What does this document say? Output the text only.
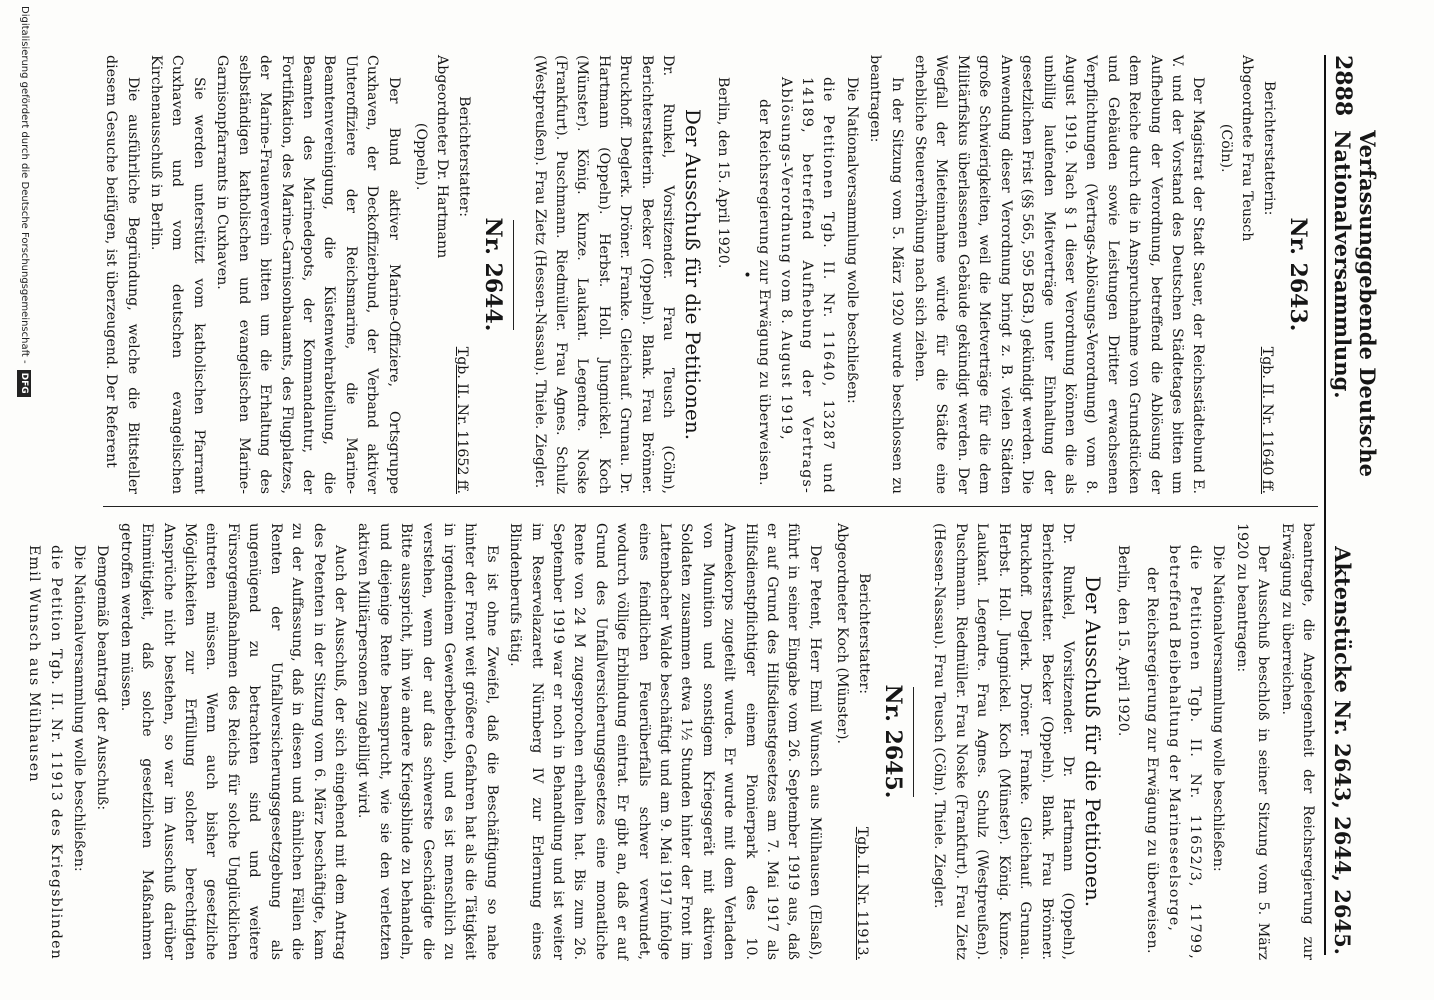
2888
Verfassunggebende Deutsche Nationalversammlung.
Aktenstücke Nr. 2643, 2644, 2645.
Nr. 2643.
Berichterstatterin:
Abgeordnete Frau Teusch
(Cöln).
Tgb. II. Nr. 11640 ff.

Der Magistrat der Stadt Sauer, der Reichsstädtebund E. V. und der Vorstand des Deutschen Städtetages bitten um Aufhebung der Verordnung, betreffend die Ablösung der dem Reiche durch die in Anspruchnahme von Grundstücken und Gebäuden sowie Leistungen Dritter erwachsenen Verpflichtungen (Vertrags-Ablösungs-Verordnung) vom 8. August 1919. Nach § 1 dieser Verordnung können die als unbillig laufenden Mietverträge unter Einhaltung der gesetzlichen Frist (§§ 565, 595 BGB.) gekündigt werden. Die Anwendung dieser Verordnung bringt z. B. vielen Städten große Schwierigkeiten, weil die Mietverträge für die dem Militärfiskus überlassenen Gebäude gekündigt werden. Der Wegfall der Mieteinnahme würde für die Städte eine erhebliche Steuererhöhung nach sich ziehen.

In der Sitzung vom 5. März 1920 wurde beschlossen zu beantragen:

Die Nationalversammlung wolle beschließen:

die Petitionen Tgb. II. Nr. 11640, 13287 und 14189, betreffend Aufhebung der Vertrags-Ablösungs-Verordnung vom 8. August 1919,
der Reichsregierung zur Erwägung zu überweisen.
•

Berlin, den 15. April 1920.

Der Ausschuß für die Petitionen.

Dr. Runkel, Vorsitzender. Frau Teusch (Cöln), Berichterstatterin. Becker (Oppeln). Blank. Frau Brönner. Bruckhoff. Deglerk. Dröner. Franke. Gleichauf. Grunau. Dr. Hartmann (Oppeln). Herbst. Holl. Jungnickel. Koch (Münster). König. Kunze. Laukant. Legendre. Noske (Frankfurt). Puschmann. Riedmüller. Frau Agnes. Schulz (Westpreußen). Frau Zietz (Hessen-Nassau). Thiele. Ziegler.

Nr. 2644.
Berichterstatter:
Abgeordneter Dr. Hartmann
(Oppeln).
Tgb. II. Nr. 11652 ff.

Der Bund aktiver Marine-Offiziere, Ortsgruppe Cuxhaven, der Deckoffizierbund, der Verband aktiver Unteroffiziere der Reichsmarine, die Marine-Beamtenvereinigung, die Küstenwehrabteilung, die Beamten des Marinedepots, der Kommandantur, der Fortifikation, des Marine-Garnisonbauamts, des Flugplatzes, der Marine-Frauenverein bitten um die Erhaltung des selbständigen katholischen und evangelischen Marine-Garnisonpfarramts in Cuxhaven.

Sie werden unterstützt vom katholischen Pfarramt Cuxhaven und vom deutschen evangelischen Kirchenausschuß in Berlin.

Die ausführliche Begründung, welche die Bittsteller diesem Gesuche beifügen, ist überzeugend. Der Referent

beantragte, die Angelegenheit der Reichsregierung zur Erwägung zu überreichen.

Der Ausschuß beschloß in seiner Sitzung vom 5. März 1920 zu beantragen:

Die Nationalversammlung wolle beschließen:

die Petitionen Tgb. II. Nr. 11652/3, 11799, betreffend Beibehaltung der Marineseelsorge,
der Reichsregierung zur Erwägung zu überweisen.

Berlin, den 15. April 1920.

Der Ausschuß für die Petitionen.

Dr. Runkel, Vorsitzender. Dr. Hartmann (Oppeln), Berichterstatter. Becker (Oppeln). Blank. Frau Brönner. Bruckhoff. Deglerk. Dröner. Franke. Gleichauf. Grunau. Herbst. Holl. Jungnickel. Koch (Münster). König. Kunze. Laukant. Legendre. Frau Agnes. Schulz (Westpreußen). Puschmann. Riedmüller. Frau Noske (Frankfurt). Frau Zietz (Hessen-Nassau). Frau Teusch (Cöln). Thiele. Ziegler.

Nr. 2645.
Berichterstatter:
Abgeordneter Koch (Münster).
Tgb. II. Nr. 11913.

Der Petent, Herr Emil Wunsch aus Mülhausen (Elsaß), führt in seiner Eingabe vom 26. September 1919 aus, daß er auf Grund des Hilfsdienstgesetzes am 7. Mai 1917 als Hilfsdienstpflichtiger einem Pionierpark des 10. Armeekorps zugeteilt wurde. Er wurde mit dem Verladen von Munition und sonstigem Kriegsgerät mit aktiven Soldaten zusammen etwa 1½ Stunden hinter der Front im Lattenbacher Walde beschäftigt und am 9. Mai 1917 infolge eines feindlichen Feuerüberfalls schwer verwundet, wodurch völlige Erblindung eintrat. Er gibt an, daß er auf Grund des Unfallversicherungsgesetzes eine monatliche Rente von 24 M zugesprochen erhalten hat. Bis zum 26. September 1919 war er noch in Behandlung und ist weiter im Reservelazarett Nürnberg IV zur Erlernung eines Blindenberufs tätig.

Es ist ohne Zweifel, daß die Beschäftigung so nahe hinter der Front weit größere Gefahren hat als die Tätigkeit in irgendeinem Gewerbebetrieb, und es ist menschlich zu verstehen, wenn der auf das schwerste Geschädigte die Bitte ausspricht, ihn wie andere Kriegsblinde zu behandeln, und diejenige Rente beansprucht, wie sie den verletzten aktiven Militärpersonen zugebilligt wird.

Auch der Ausschuß, der sich eingehend mit dem Antrag des Petenten in der Sitzung vom 6. März beschäftigte, kam zu der Auffassung, daß in diesen und ähnlichen Fällen die Renten der Unfallversicherungsgesetzgebung als ungenügend zu betrachten sind und weitere Fürsorgemaßnahmen des Reichs für solche Unglücklichen eintreten müssen. Wenn auch bisher gesetzliche Möglichkeiten zur Erfüllung solcher berechtigten Ansprüche nicht bestehen, so war im Ausschuß darüber Einmütigkeit, daß solche gesetzlichen Maßnahmen getroffen werden müssen.

Demgemäß beantragt der Ausschuß:

Die Nationalversammlung wolle beschließen:

die Petition Tgb. II. Nr. 11913 des Kriegsblinden Emil Wunsch aus Mülhausen
Digitalisierung gefördert durch die Deutsche Forschungsgemeinschaft -
DFG
